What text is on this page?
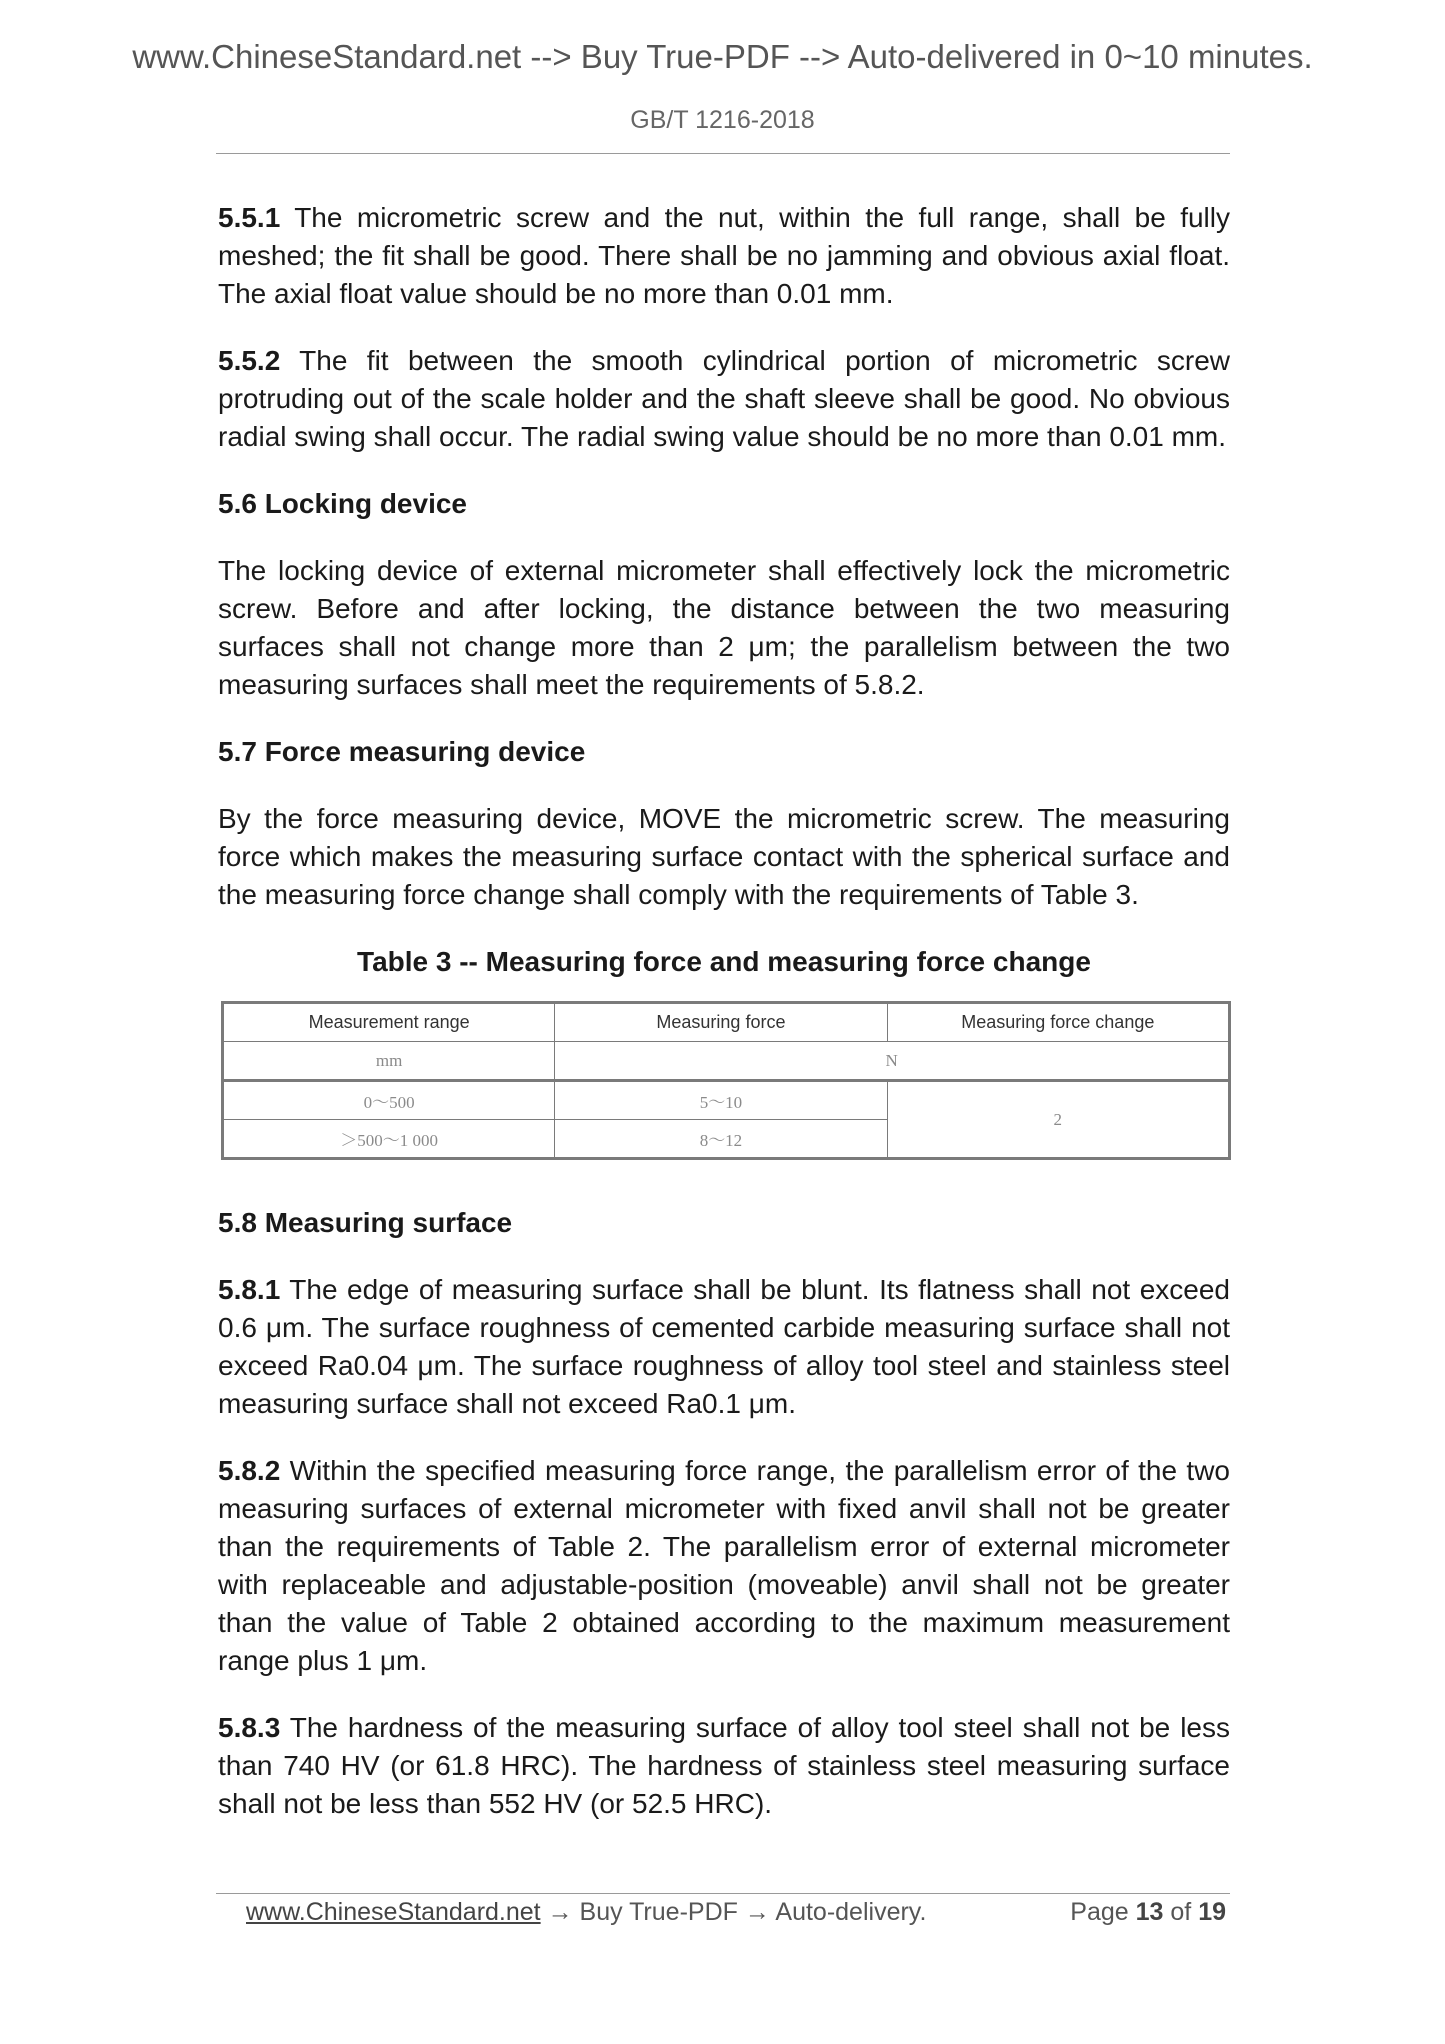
www.ChineseStandard.net --> Buy True-PDF --> Auto-delivered in 0~10 minutes.
GB/T 1216-2018

5.5.1 The micrometric screw and the nut, within the full range, shall be fully meshed; the fit shall be good. There shall be no jamming and obvious axial float. The axial float value should be no more than 0.01 mm.

5.5.2 The fit between the smooth cylindrical portion of micrometric screw protruding out of the scale holder and the shaft sleeve shall be good. No obvious radial swing shall occur. The radial swing value should be no more than 0.01 mm.

5.6 Locking device

The locking device of external micrometer shall effectively lock the micrometric screw. Before and after locking, the distance between the two measuring surfaces shall not change more than 2 μm; the parallelism between the two measuring surfaces shall meet the requirements of 5.8.2.

5.7 Force measuring device

By the force measuring device, MOVE the micrometric screw. The measuring force which makes the measuring surface contact with the spherical surface and the measuring force change shall comply with the requirements of Table 3.

Table 3 -- Measuring force and measuring force change
Measurement range	Measuring force	Measuring force change
mm	N	
0～500	5～10	2
＞500～1 000	8～12	
5.8 Measuring surface

5.8.1 The edge of measuring surface shall be blunt. Its flatness shall not exceed 0.6 μm. The surface roughness of cemented carbide measuring surface shall not exceed Ra0.04 μm. The surface roughness of alloy tool steel and stainless steel measuring surface shall not exceed Ra0.1 μm.

5.8.2 Within the specified measuring force range, the parallelism error of the two measuring surfaces of external micrometer with fixed anvil shall not be greater than the requirements of Table 2. The parallelism error of external micrometer with replaceable and adjustable-position (moveable) anvil shall not be greater than the value of Table 2 obtained according to the maximum measurement range plus 1 μm.

5.8.3 The hardness of the measuring surface of alloy tool steel shall not be less than 740 HV (or 61.8 HRC). The hardness of stainless steel measuring surface shall not be less than 552 HV (or 52.5 HRC).

www.ChineseStandard.net → Buy True-PDF → Auto-delivery.	Page 13 of 19
